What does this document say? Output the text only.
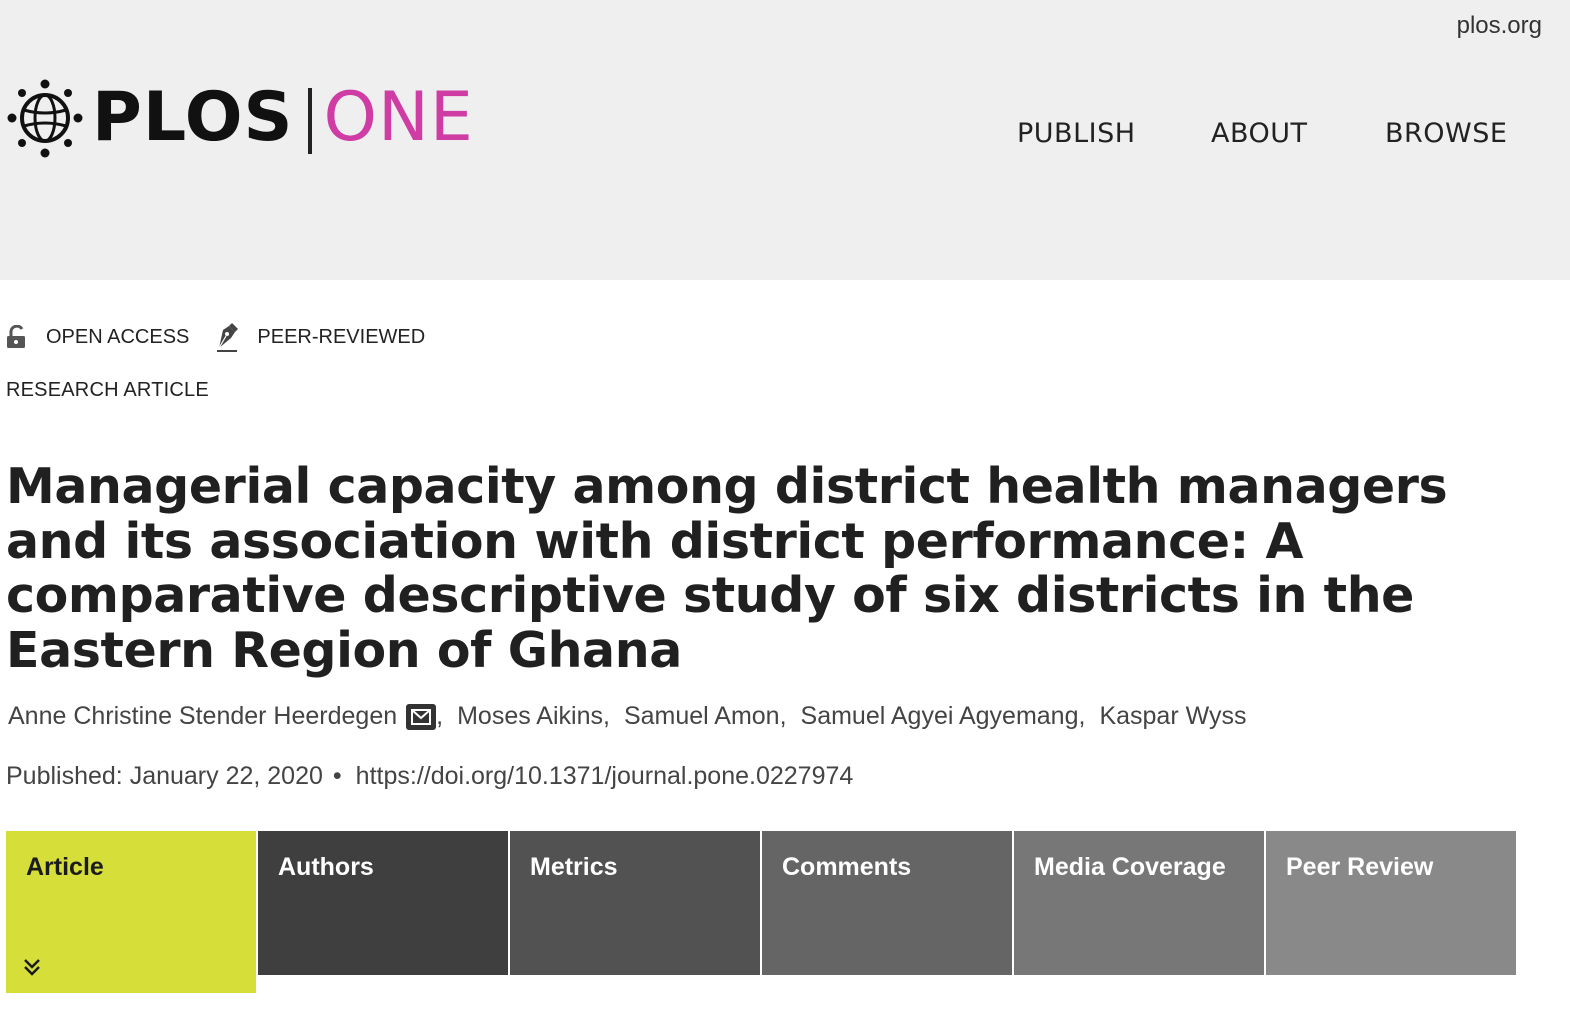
plos.org
PLOS ONE	PUBLISH	ABOUT	BROWSE
OPEN ACCESS	PEER-REVIEWED
RESEARCH ARTICLE
Managerial capacity among district health managers and its association with district performance: A comparative descriptive study of six districts in the Eastern Region of Ghana
Anne Christine Stender Heerdegen , Moses Aikins , Samuel Amon , Samuel Agyei Agyemang , Kaspar Wyss
Published: January 22, 2020 • https://doi.org/10.1371/journal.pone.0227974
Article	Authors	Metrics	Comments	Media Coverage	Peer Review
